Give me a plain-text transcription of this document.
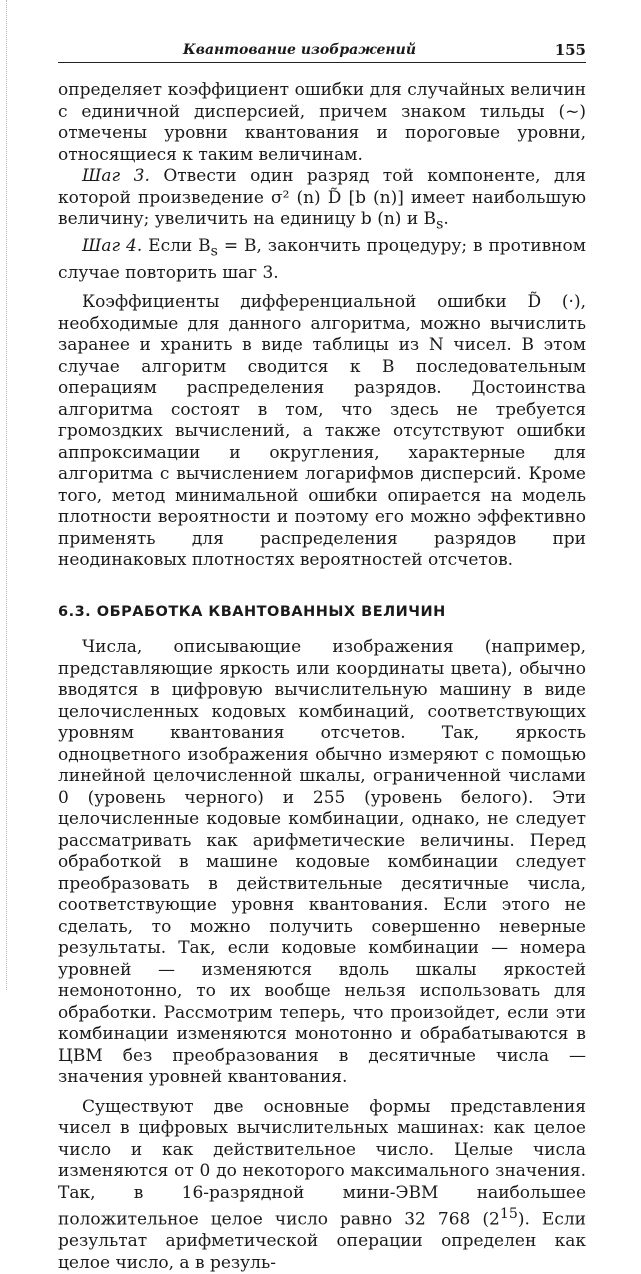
Квантование изображений	155

определяет коэффициент ошибки для случайных величин с единичной дисперсией, причем знаком тильды (~) отмечены уровни квантования и пороговые уровни, относящиеся к таким величинам.

Шаг 3. Отвести один разряд той компоненте, для которой произведение σ² (n) D̃ [b (n)] имеет наибольшую величину; увеличить на единицу b (n) и $B_s$.

Шаг 4. Если $B_s = B$, закончить процедуру; в противном случае повторить шаг 3.

Коэффициенты дифференциальной ошибки D̃ (·), необходимые для данного алгоритма, можно вычислить заранее и хранить в виде таблицы из N чисел. В этом случае алгоритм сводится к B последовательным операциям распределения разрядов. Достоинства алгоритма состоят в том, что здесь не требуется громоздких вычислений, а также отсутствуют ошибки аппроксимации и округления, характерные для алгоритма с вычислением логарифмов дисперсий. Кроме того, метод минимальной ошибки опирается на модель плотности вероятности и поэтому его можно эффективно применять для распределения разрядов при неодинаковых плотностях вероятностей отсчетов.

6.3. ОБРАБОТКА КВАНТОВАННЫХ ВЕЛИЧИН

Числа, описывающие изображения (например, представляющие яркость или координаты цвета), обычно вводятся в цифровую вычислительную машину в виде целочисленных кодовых комбинаций, соответствующих уровням квантования отсчетов. Так, яркость одноцветного изображения обычно измеряют с помощью линейной целочисленной шкалы, ограниченной числами 0 (уровень черного) и 255 (уровень белого). Эти целочисленные кодовые комбинации, однако, не следует рассматривать как арифметические величины. Перед обработкой в машине кодовые комбинации следует преобразовать в действительные десятичные числа, соответствующие уровня квантования. Если этого не сделать, то можно получить совершенно неверные результаты. Так, если кодовые комбинации — номера уровней — изменяются вдоль шкалы яркостей немонотонно, то их вообще нельзя использовать для обработки. Рассмотрим теперь, что произойдет, если эти комбинации изменяются монотонно и обрабатываются в ЦВМ без преобразования в десятичные числа — значения уровней квантования.

Существуют две основные формы представления чисел в цифровых вычислительных машинах: как целое число и как действительное число. Целые числа изменяются от 0 до некоторого максимального значения. Так, в 16-разрядной мини-ЭВМ наибольшее положительное целое число равно 32 768 $(2^{15})$. Если результат арифметической операции определен как целое число, а в резуль-
